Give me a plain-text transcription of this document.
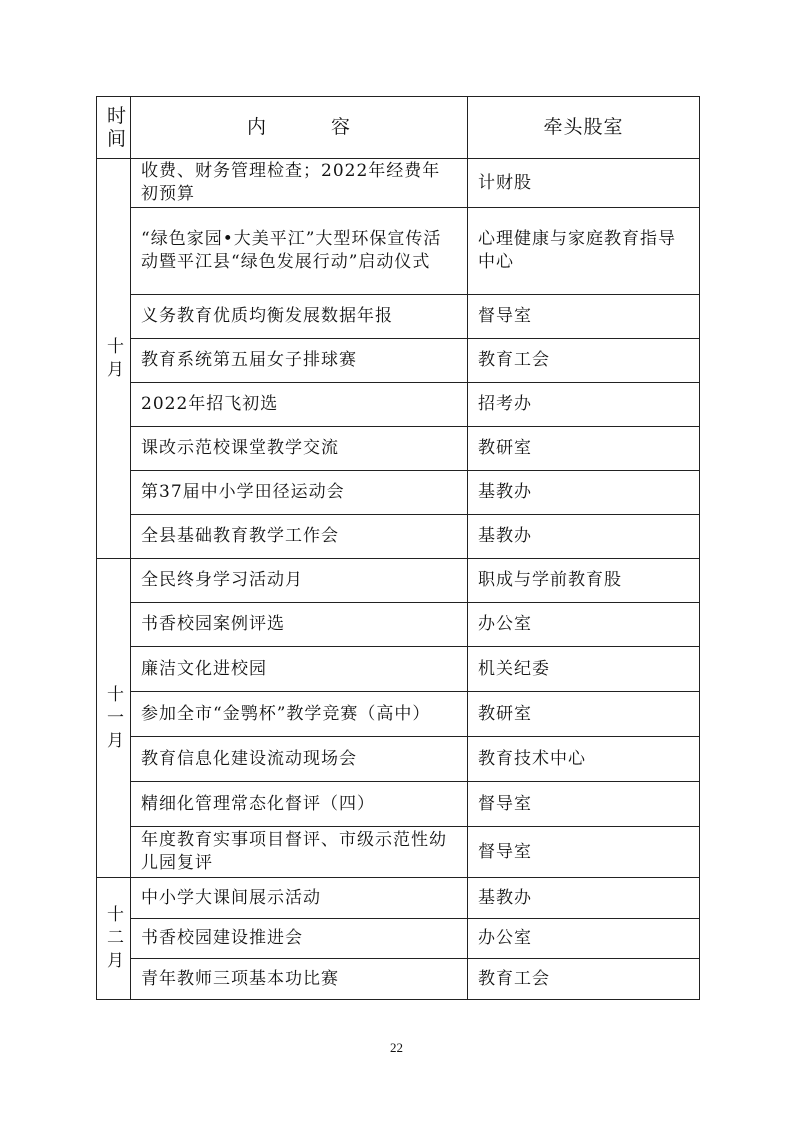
时
间	内 容	牵头股室

十
月	收费、财务管理检查；2022年经费年初预算	计财股
	“绿色家园•大美平江”大型环保宣传活动暨平江县“绿色发展行动”启动仪式	心理健康与家庭教育指导中心
	义务教育优质均衡发展数据年报	督导室
	教育系统第五届女子排球赛	教育工会
	2022年招飞初选	招考办
	课改示范校课堂教学交流	教研室
	第37届中小学田径运动会	基教办
	全县基础教育教学工作会	基教办

十
一
月	全民终身学习活动月	职成与学前教育股
	书香校园案例评选	办公室
	廉洁文化进校园	机关纪委
	参加全市“金鹗杯”教学竞赛（高中）	教研室
	教育信息化建设流动现场会	教育技术中心
	精细化管理常态化督评（四）	督导室
	年度教育实事项目督评、市级示范性幼儿园复评	督导室

十
二
月	中小学大课间展示活动	基教办
	书香校园建设推进会	办公室
	青年教师三项基本功比赛	教育工会
22
